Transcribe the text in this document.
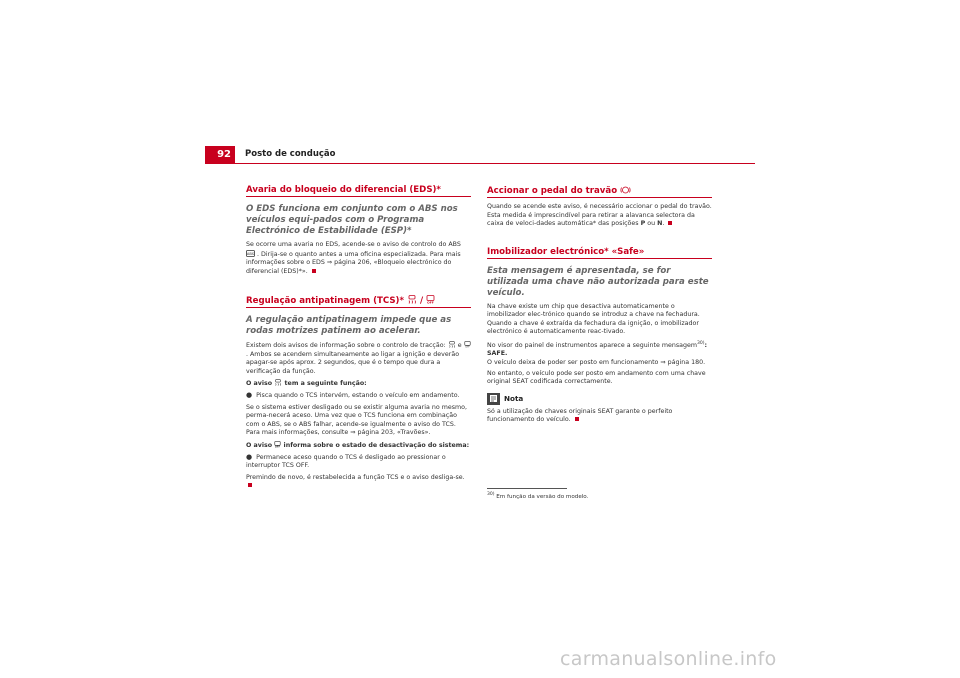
92	Posto de condução
Avaria do bloqueio do diferencial (EDS)*
O EDS funciona em conjunto com o ABS nos veículos equi-pados com o Programa Electrónico de Estabilidade (ESP)*

Se ocorre uma avaria no EDS, acende-se o aviso de controlo do ABS
ABS . Dirija-se o quanto antes a uma oficina especializada. Para mais informações sobre o EDS ⇒ página 206, «Bloqueio electrónico do diferencial (EDS)*».

Regulação antipatinagem (TCS)* / OFF
A regulação antipatinagem impede que as rodas motrizes patinem ao acelerar.

Existem dois avisos de informação sobre o controlo de tracção: e OFF
. Ambos se acendem simultaneamente ao ligar a ignição e deverão apagar-se após aprox. 2 segundos, que é o tempo que dura a verificação da função.

O aviso tem a seguinte função:

● Pisca quando o TCS intervém, estando o veículo em andamento.

Se o sistema estiver desligado ou se existir alguma avaria no mesmo, perma-necerá aceso. Uma vez que o TCS funciona em combinação com o ABS, se o ABS falhar, acende-se igualmente o aviso do TCS. Para mais informações, consulte ⇒ página 203, «Travões».

O aviso OFF informa sobre o estado de desactivação do sistema:

● Permanece aceso quando o TCS é desligado ao pressionar o interruptor TCS OFF.

Premindo de novo, é restabelecida a função TCS e o aviso desliga-se.

Accionar o pedal do travão

Quando se acende este aviso, é necessário accionar o pedal do travão. Esta medida é imprescindível para retirar a alavanca selectora da caixa de veloci-dades automática* das posições P ou N.

Imobilizador electrónico* «Safe»
Esta mensagem é apresentada, se for utilizada uma chave não autorizada para este veículo.

Na chave existe um chip que desactiva automaticamente o imobilizador elec-trónico quando se introduz a chave na fechadura. Quando a chave é extraída da fechadura da ignição, o imobilizador electrónico é automaticamente reac-tivado.

No visor do painel de instrumentos aparece a seguinte mensagem$^{30)}$: SAFE.
O veículo deixa de poder ser posto em funcionamento ⇒ página 180.

No entanto, o veículo pode ser posto em andamento com uma chave original SEAT codificada correctamente.

Nota

Só a utilização de chaves originais SEAT garante o perfeito funcionamento do veículo.

$^{30)}$ Em função da versão do modelo.
carmanualsonline.info
